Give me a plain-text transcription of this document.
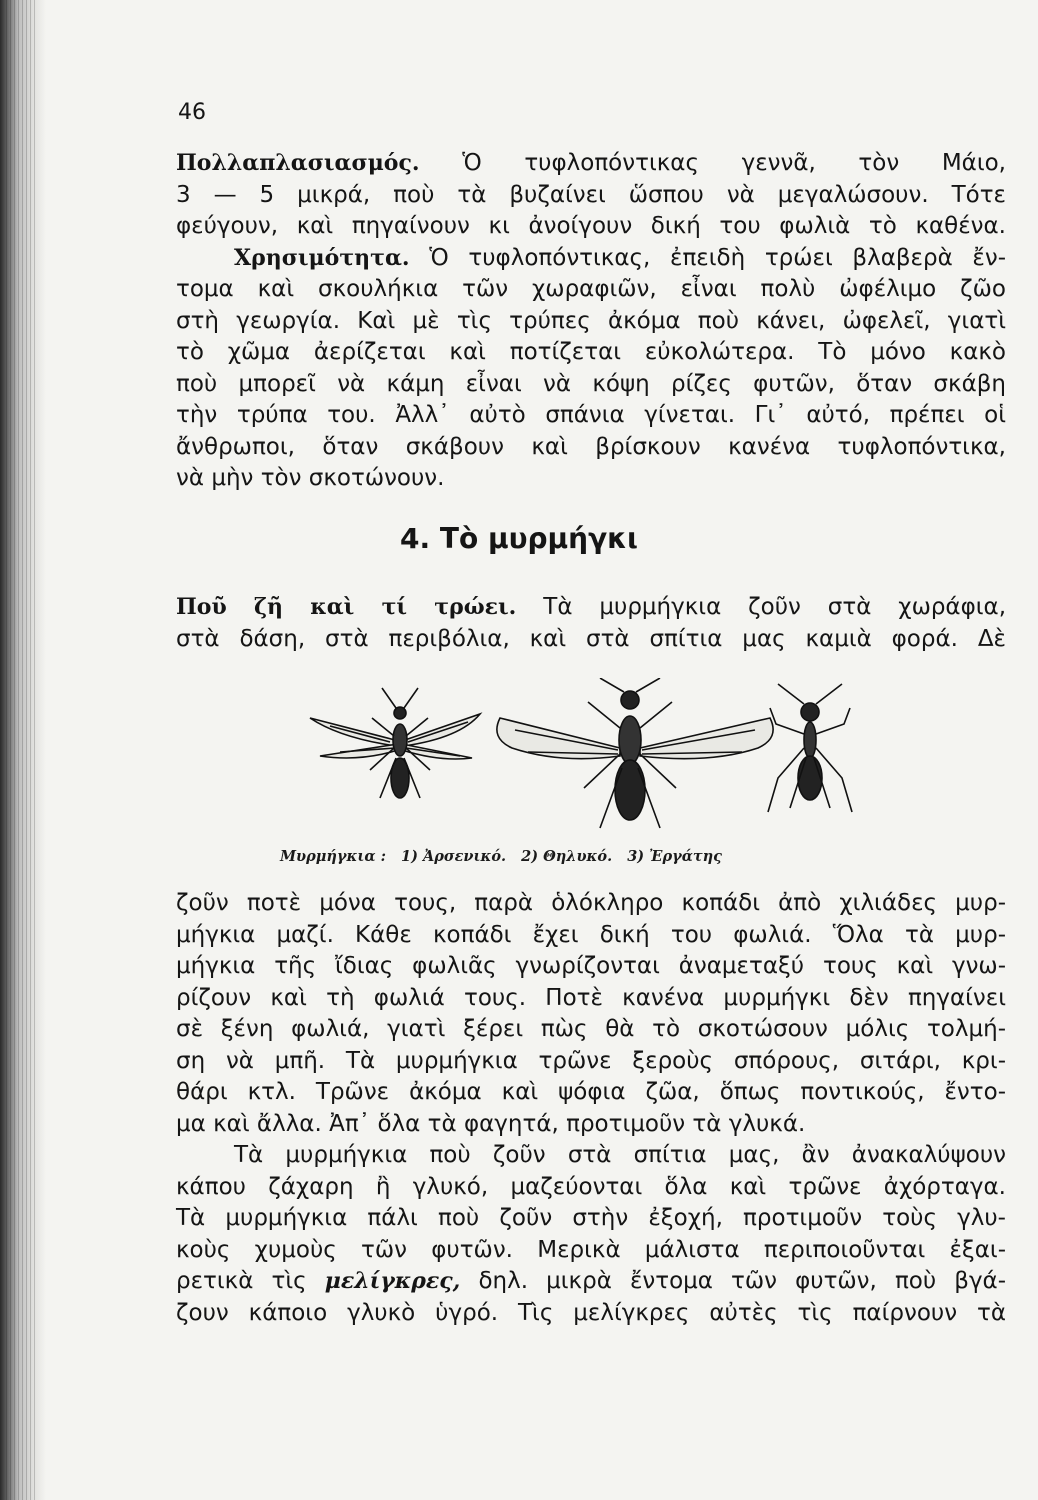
46
Πολλαπλασιασμός. Ὁ τυφλοπόντικας γεννᾶ, τὸν Μάιο,
3 — 5 μικρά, ποὺ τὰ βυζαίνει ὥσπου νὰ μεγαλώσουν. Τότε
φεύγουν, καὶ πηγαίνουν κι ἀνοίγουν δική του φωλιὰ τὸ καθένα.
Χρησιμότητα. Ὁ τυφλοπόντικας, ἐπειδὴ τρώει βλαβερὰ ἔν-
τομα καὶ σκουλήκια τῶν χωραφιῶν, εἶναι πολὺ ὠφέλιμο ζῶο
στὴ γεωργία. Καὶ μὲ τὶς τρύπες ἀκόμα ποὺ κάνει, ὠφελεῖ, γιατὶ
τὸ χῶμα ἀερίζεται καὶ ποτίζεται εὐκολώτερα. Τὸ μόνο κακὸ
ποὺ μπορεῖ νὰ κάμη εἶναι νὰ κόψη ρίζες φυτῶν, ὅταν σκάβη
τὴν τρύπα του. Ἀλλ᾽ αὐτὸ σπάνια γίνεται. Γι᾽ αὐτό, πρέπει οἱ
ἄνθρωποι, ὅταν σκάβουν καὶ βρίσκουν κανένα τυφλοπόντικα,
νὰ μὴν τὸν σκοτώνουν.
4. Τὸ μυρμήγκι
Ποῦ ζῆ καὶ τί τρώει. Τὰ μυρμήγκια ζοῦν στὰ χωράφια,
στὰ δάση, στὰ περιβόλια, καὶ στὰ σπίτια μας καμιὰ φορά. Δὲ
Μυρμήγκια : 1) Ἀρσενικό. 2) Θηλυκό. 3) Ἐργάτης
ζοῦν ποτὲ μόνα τους, παρὰ ὁλόκληρο κοπάδι ἀπὸ χιλιάδες μυρ-
μήγκια μαζί. Κάθε κοπάδι ἔχει δική του φωλιά. Ὅλα τὰ μυρ-
μήγκια τῆς ἴδιας φωλιᾶς γνωρίζονται ἀναμεταξύ τους καὶ γνω-
ρίζουν καὶ τὴ φωλιά τους. Ποτὲ κανένα μυρμήγκι δὲν πηγαίνει
σὲ ξένη φωλιά, γιατὶ ξέρει πὼς θὰ τὸ σκοτώσουν μόλις τολμή-
ση νὰ μπῆ. Τὰ μυρμήγκια τρῶνε ξεροὺς σπόρους, σιτάρι, κρι-
θάρι κτλ. Τρῶνε ἀκόμα καὶ ψόφια ζῶα, ὅπως ποντικούς, ἔντο-
μα καὶ ἄλλα. Ἀπ᾽ ὅλα τὰ φαγητά, προτιμοῦν τὰ γλυκά.
Τὰ μυρμήγκια ποὺ ζοῦν στὰ σπίτια μας, ἂν ἀνακαλύψουν
κάπου ζάχαρη ἢ γλυκό, μαζεύονται ὅλα καὶ τρῶνε ἀχόρταγα.
Τὰ μυρμήγκια πάλι ποὺ ζοῦν στὴν ἐξοχή, προτιμοῦν τοὺς γλυ-
κοὺς χυμοὺς τῶν φυτῶν. Μερικὰ μάλιστα περιποιοῦνται ἐξαι-
ρετικὰ τὶς μελίγκρες, δηλ. μικρὰ ἔντομα τῶν φυτῶν, ποὺ βγά-
ζουν κάποιο γλυκὸ ὑγρό. Τὶς μελίγκρες αὐτὲς τὶς παίρνουν τὰ
